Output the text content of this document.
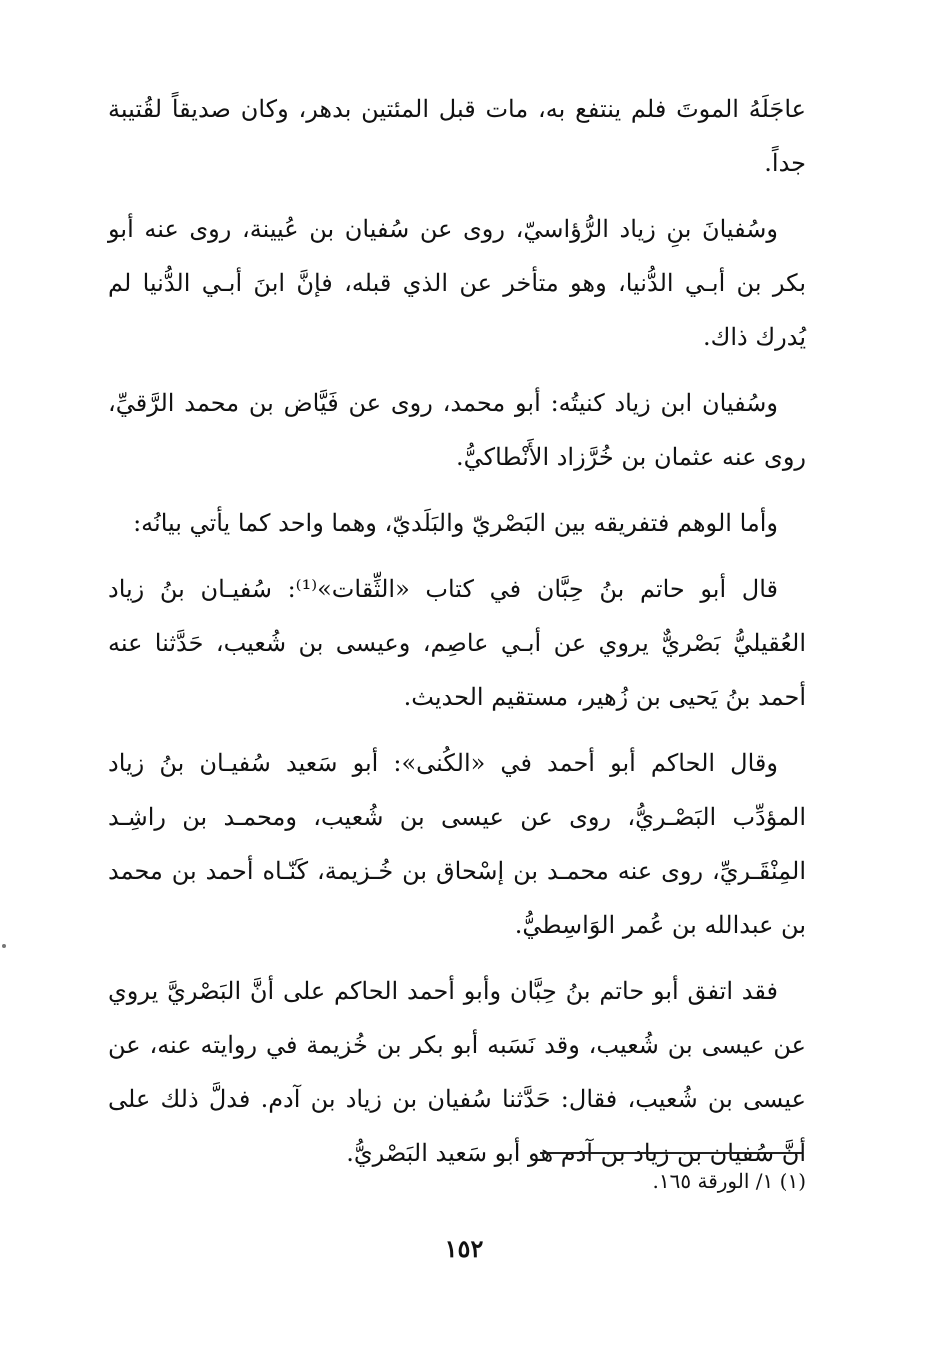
عاجَلَهُ الموتَ فلم ينتفع به، مات قبل المئتين بدهر، وكان صديقاً لقُتيبة جداً.

وسُفيانَ بنِ زياد الرُّؤاسيّ، روى عن سُفيان بن عُيينة، روى عنه أبو بكر بن أبـي الدُّنيا، وهو متأخر عن الذي قبله، فإنَّ ابنَ أبـي الدُّنيا لم يُدرك ذاك.

وسُفيان ابن زياد كنيتُه: أبو محمد، روى عن فَيَّاض بن محمد الرَّقيِّ، روى عنه عثمان بن خُرَّزاد الأَنْطاكيُّ.

وأما الوهم فتفريقه بين البَصْريّ والبَلَديّ، وهما واحد كما يأتي بيانُه:

قال أبو حاتم بنُ حِبَّان في كتاب «الثِّقات»⁽¹⁾: سُفيـان بنُ زياد العُقيليُّ بَصْريٌّ يروي عن أبـي عاصِم، وعيسى بن شُعيب، حَدَّثنا عنه أحمد بنُ يَحيى بن زُهير، مستقيم الحديث.

وقال الحاكم أبو أحمد في «الكُنى»: أبو سَعيد سُفيـان بنُ زياد المؤدِّب البَصْـريُّ، روى عن عيسى بن شُعيب، ومحمـد بن راشِـد المِنْقَـريِّ، روى عنه محمـد بن إسْحاق بن خُـزيمة، كَنّـاه أحمد بن محمد بن عبدالله بن عُمر الوَاسِطيُّ.

فقد اتفق أبو حاتم بنُ حِبَّان وأبو أحمد الحاكم على أنَّ البَصْريَّ يروي عن عيسى بن شُعيب، وقد نَسَبه أبو بكر بن خُزيمة في روايته عنه، عن عيسى بن شُعيب، فقال: حَدَّثنا سُفيان بن زياد بن آدم. فدلَّ ذلك على أنَّ سُفيان بن زياد بن آدم هو أبو سَعيد البَصْريُّ.

(١) ١/ الورقة ١٦٥.
١٥٢
